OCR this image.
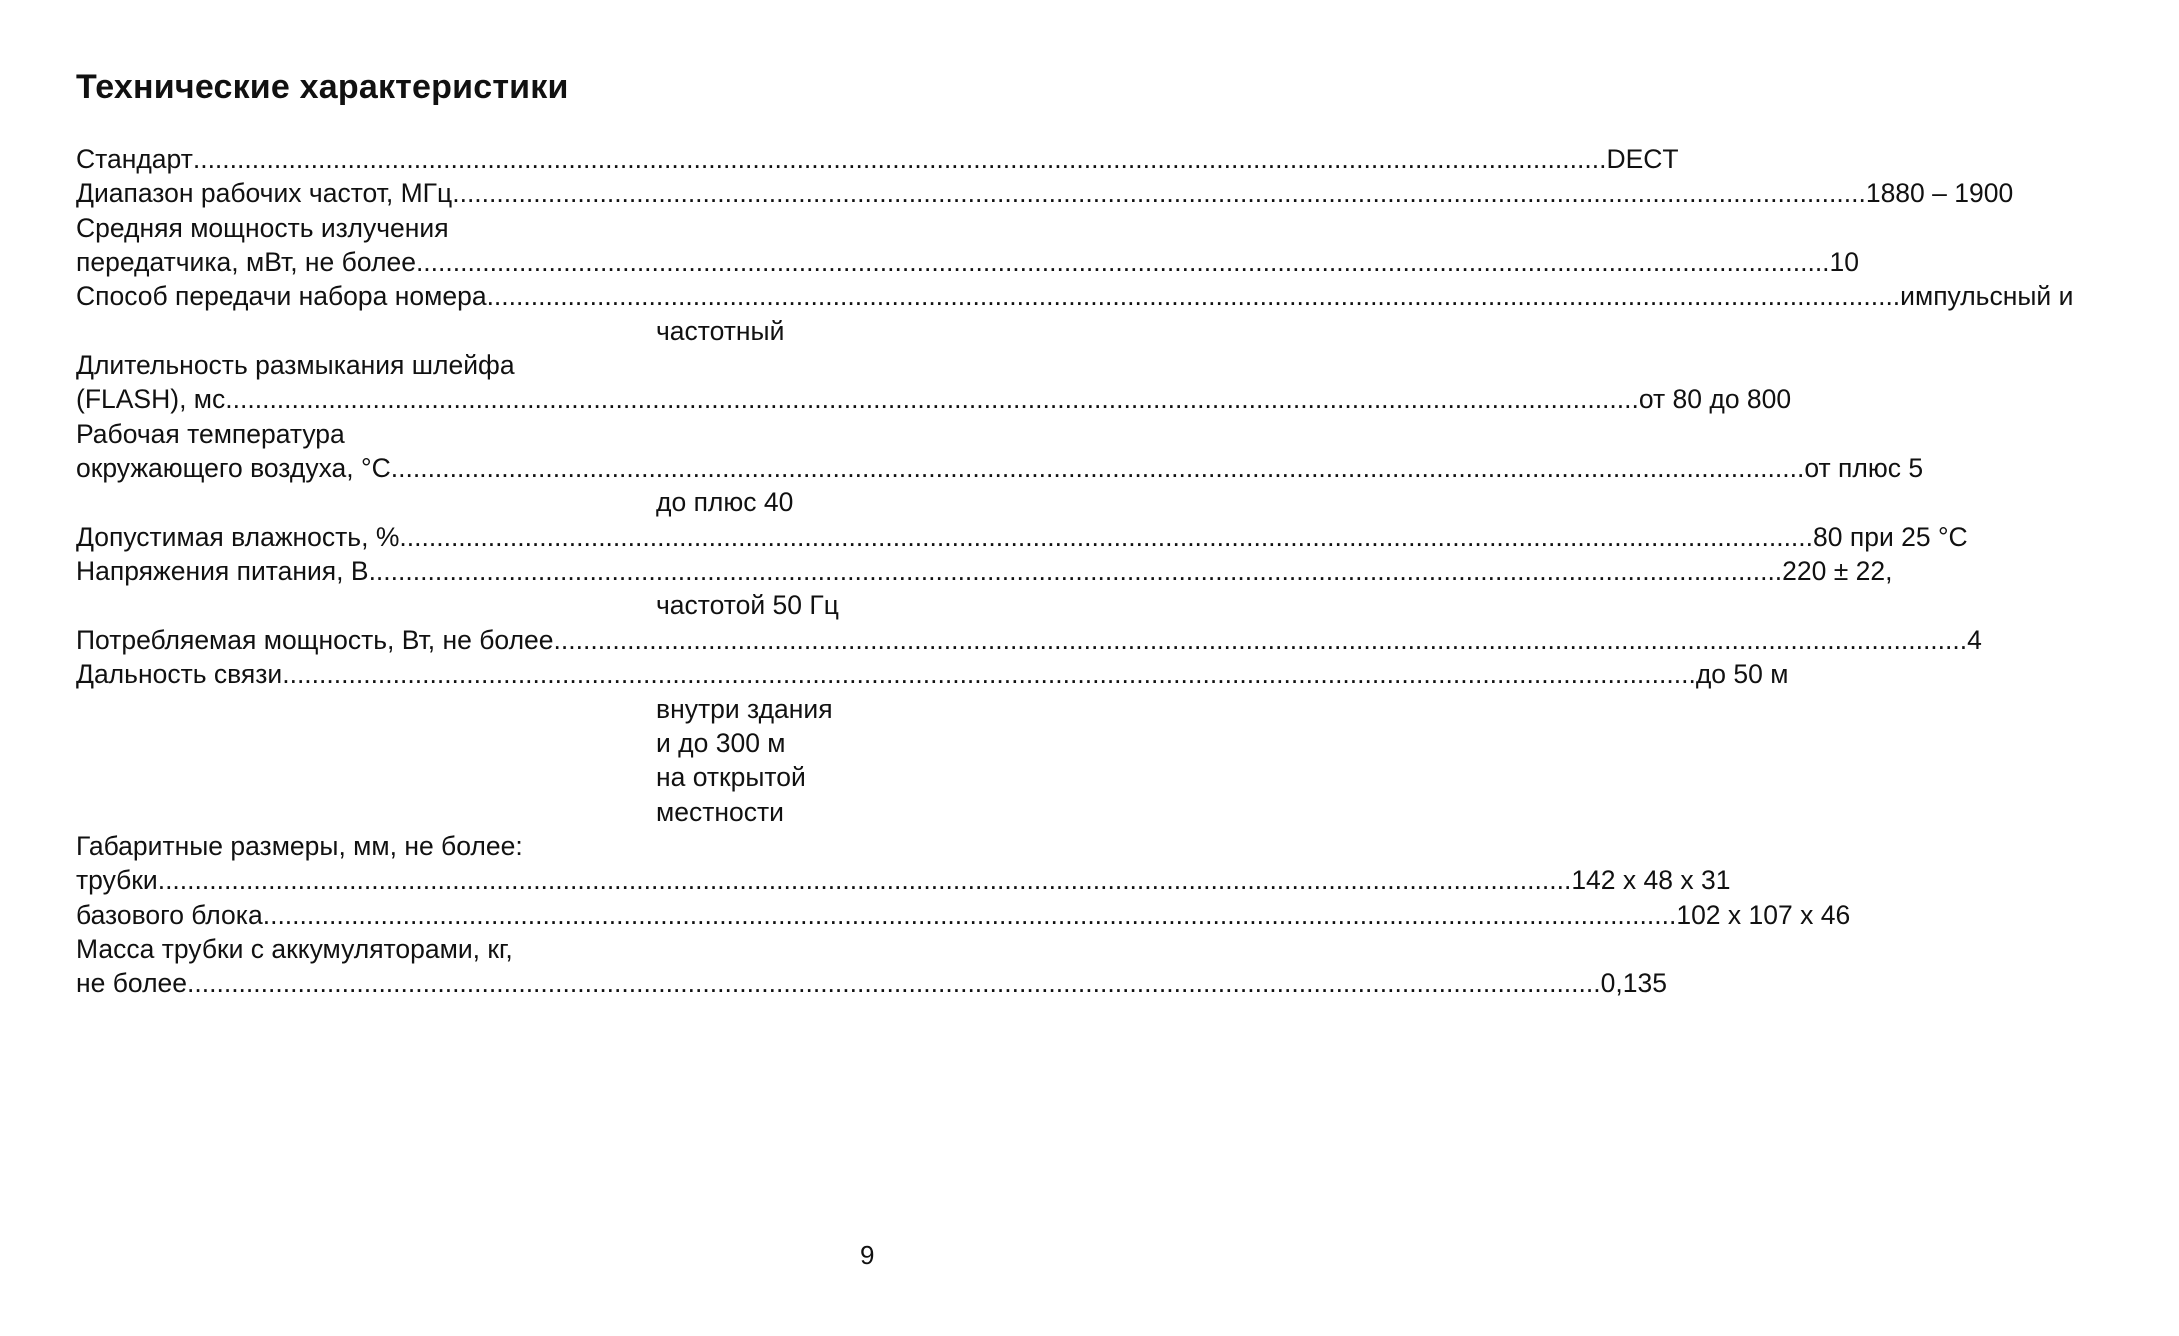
Технические характеристики
Стандарт ................................................................................................................................................................................................ DECT
Диапазон рабочих частот, МГц ................................................................................................................................................................................................ 1880 – 1900
Средняя мощность излучения
передатчика, мВт, не более ................................................................................................................................................................................................ 10
Способ передачи набора номера ................................................................................................................................................................................................ импульсный и
частотный
Длительность размыкания шлейфа
(FLASH), мс ................................................................................................................................................................................................ от 80 до 800
Рабочая температура
окружающего воздуха, °С ................................................................................................................................................................................................ от плюс 5
до плюс 40
Допустимая влажность, % ................................................................................................................................................................................................ 80 при 25 °С
Напряжения питания, В ................................................................................................................................................................................................ 220 ± 22,
частотой 50 Гц
Потребляемая мощность, Вт, не более ................................................................................................................................................................................................ 4
Дальность связи ................................................................................................................................................................................................ до 50 м
внутри здания
и до 300 м
на открытой
местности
Габаритные размеры, мм, не более:
трубки ................................................................................................................................................................................................ 142 х 48 х 31
базового блока ................................................................................................................................................................................................ 102 х 107 х 46
Масса трубки с аккумуляторами, кг,
не более ................................................................................................................................................................................................ 0,135
9
